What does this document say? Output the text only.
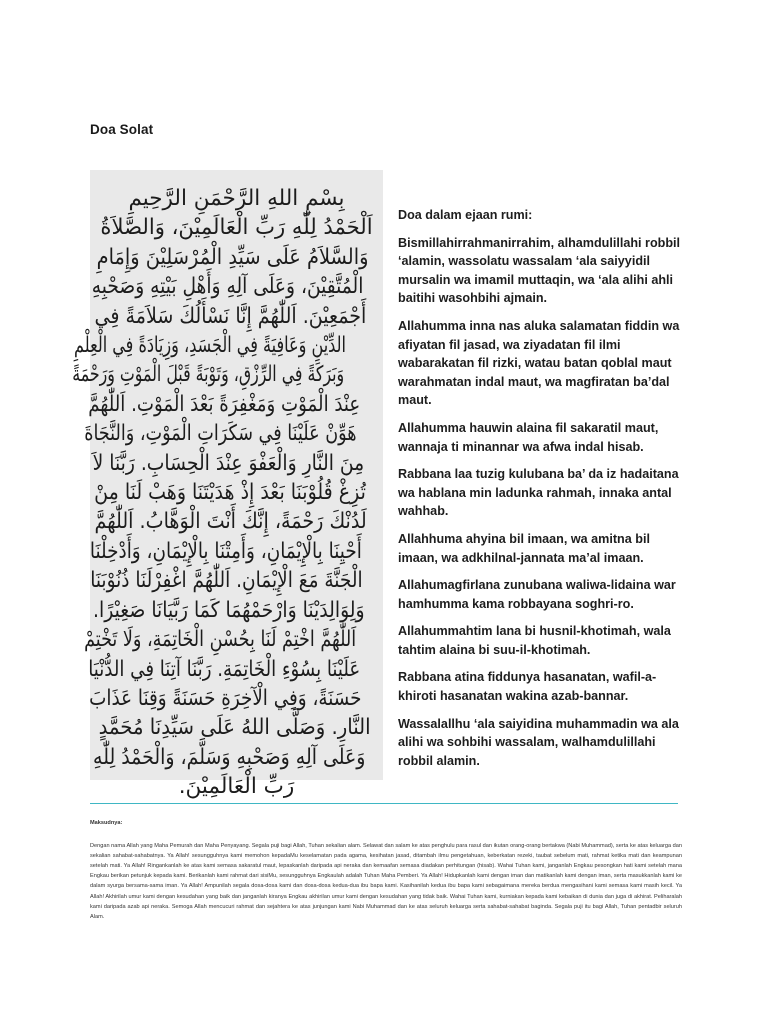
Doa Solat
بِسْمِ اللهِ الرَّحْمَنِ الرَّحِيمِ
اَلْحَمْدُ لِلّٰهِ رَبِّ الْعَالَمِيْنَ، وَالصَّلاَةُ
وَالسَّلاَمُ عَلَى سَيِّدِ الْمُرْسَلِيْنَ وَإِمَامِ
الْمُتَّقِيْنَ، وَعَلَى آلِهِ وَأَهْلِ بَيْتِهِ وَصَحْبِهِ
أَجْمَعِيْنَ. اَللّٰهُمَّ إِنَّا نَسْأَلُكَ سَلاَمَةً فِي
الدِّيْنِ وَعَافِيَةً فِي الْجَسَدِ، وَزِيَادَةً فِي الْعِلْمِ
وَبَرَكَةً فِي الرِّزْقِ، وَتَوْبَةً قَبْلَ الْمَوْتِ وَرَحْمَةً
عِنْدَ الْمَوْتِ وَمَغْفِرَةً بَعْدَ الْمَوْتِ. اَللّٰهُمَّ
هَوِّنْ عَلَيْنَا فِي سَكَرَاتِ الْمَوْتِ، وَالنَّجَاةَ
مِنَ النَّارِ وَالْعَفْوَ عِنْدَ الْحِسَابِ. رَبَّنَا لاَ
تُزِغْ قُلُوْبَنَا بَعْدَ إِذْ هَدَيْتَنَا وَهَبْ لَنَا مِنْ
لَدُنْكَ رَحْمَةً، إِنَّكَ أَنْتَ الْوَهَّابُ. اَللّٰهُمَّ
أَحْيِنَا بِالْإِيْمَانِ، وَأَمِتْنَا بِالْإِيْمَانِ، وَأَدْخِلْنَا
الْجَنَّةَ مَعَ الْإِيْمَانِ. اَللّٰهُمَّ اغْفِرْلَنَا ذُنُوْبَنَا
وَلِوَالِدَيْنَا وَارْحَمْهُمَا كَمَا رَبَّيَانَا صَغِيْرًا.
اَللّٰهُمَّ اخْتِمْ لَنَا بِحُسْنِ الْخَاتِمَةِ، وَلَا تَخْتِمْ
عَلَيْنَا بِسُوْءِ الْخَاتِمَةِ. رَبَّنَا آتِنَا فِي الدُّنْيَا
حَسَنَةً، وَفِي الْآخِرَةِ حَسَنَةً وَقِنَا عَذَابَ
النَّارِ. وَصَلَّى اللهُ عَلَى سَيِّدِنَا مُحَمَّدٍ
وَعَلَى آلِهِ وَصَحْبِهِ وَسَلَّمَ، وَالْحَمْدُ لِلّٰهِ
رَبِّ الْعَالَمِيْنَ.

Doa dalam ejaan rumi:

Bismillahirrahmanirrahim, alhamdulillahi robbil ‘alamin, wassolatu wassalam ‘ala saiyyidil mursalin wa imamil muttaqin, wa ‘ala alihi ahli baitihi wasohbihi ajmain.

Allahumma inna nas aluka salamatan fiddin wa afiyatan fil jasad, wa ziyadatan fil ilmi wabarakatan fil rizki, watau batan qoblal maut warahmatan indal maut, wa magfiratan ba’dal maut.

Allahumma hauwin alaina fil sakaratil maut, wannaja ti minannar wa afwa indal hisab.

Rabbana laa tuzig kulubana ba’ da iz hadaitana wa hablana min ladunka rahmah, innaka antal wahhab.

Allahhuma ahyina bil imaan, wa amitna bil imaan, wa adkhilnal-jannata ma’al imaan.

Allahumagfirlana zunubana waliwa-lidaina war hamhumma kama robbayana soghri-ro.

Allahummahtim lana bi husnil-khotimah, wala tahtim alaina bi suu-il-khotimah.

Rabbana atina fiddunya hasanatan, wafil-a-khiroti hasanatan wakina azab-bannar.

Wassalallhu ‘ala saiyidina muhammadin wa ala alihi wa sohbihi wassalam, walhamdulillahi robbil alamin.

Maksudnya:

Dengan nama Allah yang Maha Pemurah dan Maha Penyayang. Segala puji bagi Allah, Tuhan sekalian alam. Selawat dan salam ke atas penghulu para rasul dan ikutan orang-orang bertakwa (Nabi Muhammad), serta ke atas keluarga dan sekalian sahabat-sahabatnya. Ya Allah! sesungguhnya kami memohon kepadaMu keselamatan pada agama, kesihatan jasad, ditambah ilmu pengetahuan, keberkatan rezeki, taubat sebelum mati, rahmat ketika mati dan keampunan setelah mati. Ya Allah! Ringankanlah ke atas kami semasa sakaratul maut, lepaskanlah daripada api neraka dan kemaafan semasa diadakan perhitungan (hisab). Wahai Tuhan kami, janganlah Engkau pesongkan hati kami setelah mana Engkau berikan petunjuk kepada kami. Berikanlah kami rahmat dari sisiMu, sesungguhnya Engkaulah adalah Tuhan Maha Pemberi. Ya Allah! Hidupkanlah kami dengan iman dan matikanlah kami dengan iman, serta masukkanlah kami ke dalam syurga bersama-sama iman. Ya Allah! Ampunilah segala dosa-dosa kami dan dosa-dosa kedua-dua ibu bapa kami. Kasihanilah kedua ibu bapa kami sebagaimana mereka berdua mengasihani kami semasa kami masih kecil. Ya Allah! Akhirilah umur kami dengan kesudahan yang baik dan janganlah kiranya Engkau akhirilan umur kami dengan kesudahan yang tidak baik. Wahai Tuhan kami, kurniakan kepada kami kebaikan di dunia dan juga di akhirat. Peliharalah kami daripada azab api neraka. Semoga Allah mencucuri rahmat dan sejahtera ke atas junjungan kami Nabi Muhammad dan ke atas seluruh keluarga serta sahabat-sahabat baginda. Segala puji itu bagi Allah, Tuhan pentadbir seluruh Alam.
